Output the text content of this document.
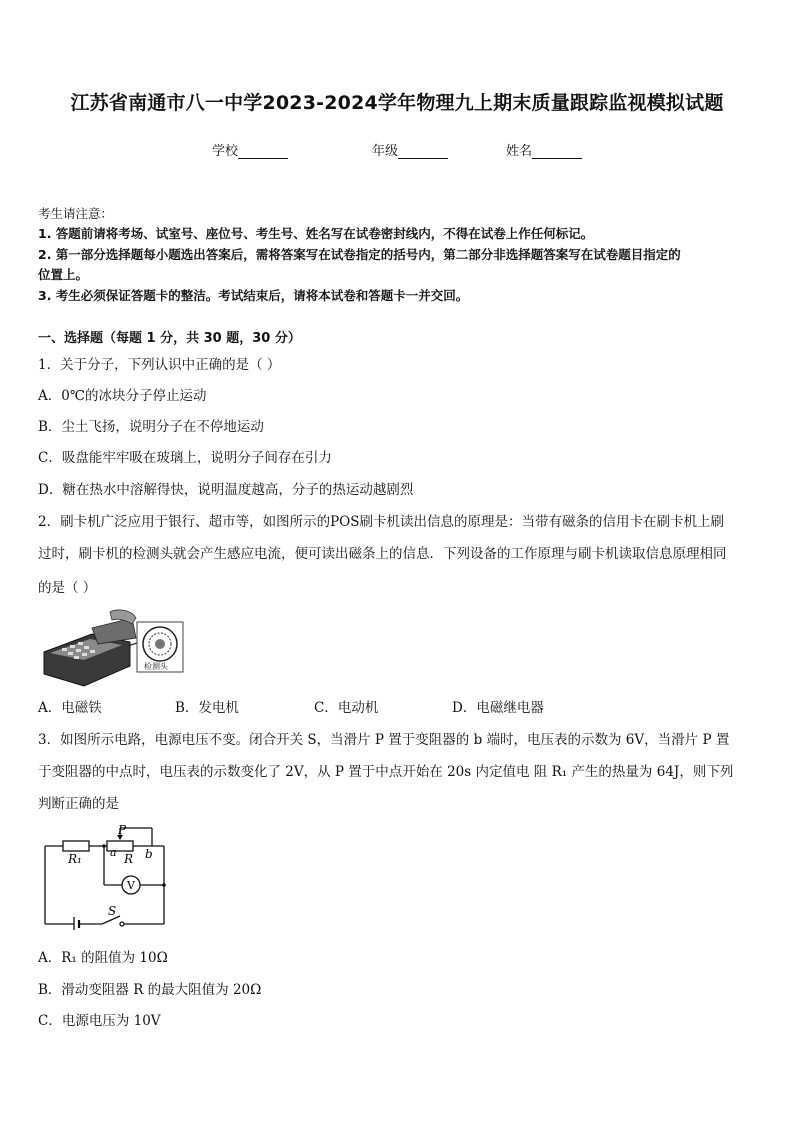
江苏省南通市八一中学2023-2024学年物理九上期末质量跟踪监视模拟试题
学校	年级	姓名
考生请注意：
1. 答题前请将考场、试室号、座位号、考生号、姓名写在试卷密封线内，不得在试卷上作任何标记。
2. 第一部分选择题每小题选出答案后，需将答案写在试卷指定的括号内，第二部分非选择题答案写在试卷题目指定的
位置上。
3. 考生必须保证答题卡的整洁。考试结束后，请将本试卷和答题卡一并交回。
一、选择题（每题 1 分，共 30 题，30 分）
1．关于分子，下列认识中正确的是（ ）
A．0℃的冰块分子停止运动
B．尘土飞扬，说明分子在不停地运动
C．吸盘能牢牢吸在玻璃上，说明分子间存在引力
D．糖在热水中溶解得快，说明温度越高，分子的热运动越剧烈
2．刷卡机广泛应用于银行、超市等，如图所示的POS刷卡机读出信息的原理是：当带有磁条的信用卡在刷卡机上刷
过时，刷卡机的检测头就会产生感应电流，便可读出磁条上的信息．下列设备的工作原理与刷卡机读取信息原理相同
的是（ ）
检测头
A．电磁铁	B．发电机	C．电动机	D．电磁继电器
3．如图所示电路，电源电压不变。闭合开关 S，当滑片 P 置于变阻器的 b 端时，电压表的示数为 6V，当滑片 P 置
于变阻器的中点时，电压表的示数变化了 2V，从 P 置于中点开始在 20s 内定值电 阻 R₁ 产生的热量为 64J，则下列
判断正确的是
R₁
P
a R b
V
S
A．R₁ 的阻值为 10Ω
B．滑动变阻器 R 的最大阻值为 20Ω
C．电源电压为 10V
